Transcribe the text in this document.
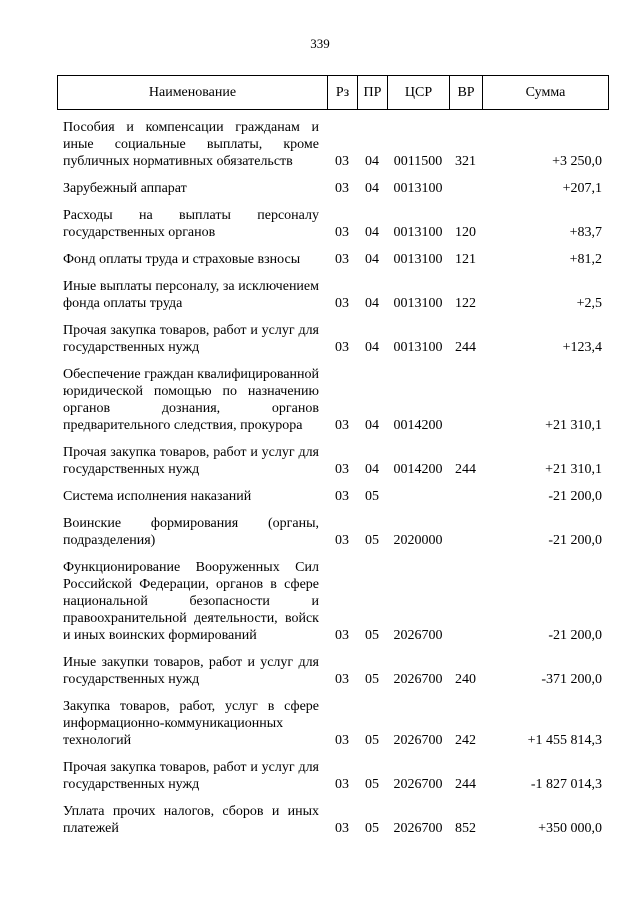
339
Наименование	Рз	ПР	ЦСР	ВР	Сумма
Пособия и компенсации гражданам и иные социальные выплаты, кроме публичных нормативных обязательств	03	04	0011500	321	+3 250,0
Зарубежный аппарат	03	04	0013100		+207,1
Расходы на выплаты персоналу государственных органов	03	04	0013100	120	+83,7
Фонд оплаты труда и страховые взносы	03	04	0013100	121	+81,2
Иные выплаты персоналу, за исключением фонда оплаты труда	03	04	0013100	122	+2,5
Прочая закупка товаров, работ и услуг для государственных нужд	03	04	0013100	244	+123,4
Обеспечение граждан квалифицированной юридической помощью по назначению органов дознания, органов предварительного следствия, прокурора	03	04	0014200		+21 310,1
Прочая закупка товаров, работ и услуг для государственных нужд	03	04	0014200	244	+21 310,1
Система исполнения наказаний	03	05			-21 200,0
Воинские формирования (органы, подразделения)	03	05	2020000		-21 200,0
Функционирование Вооруженных Сил Российской Федерации, органов в сфере национальной безопасности и правоохранительной деятельности, войск и иных воинских формирований	03	05	2026700		-21 200,0
Иные закупки товаров, работ и услуг для государственных нужд	03	05	2026700	240	-371 200,0
Закупка товаров, работ, услуг в сфере информационно-коммуникационных технологий	03	05	2026700	242	+1 455 814,3
Прочая закупка товаров, работ и услуг для государственных нужд	03	05	2026700	244	-1 827 014,3
Уплата прочих налогов, сборов и иных платежей	03	05	2026700	852	+350 000,0
